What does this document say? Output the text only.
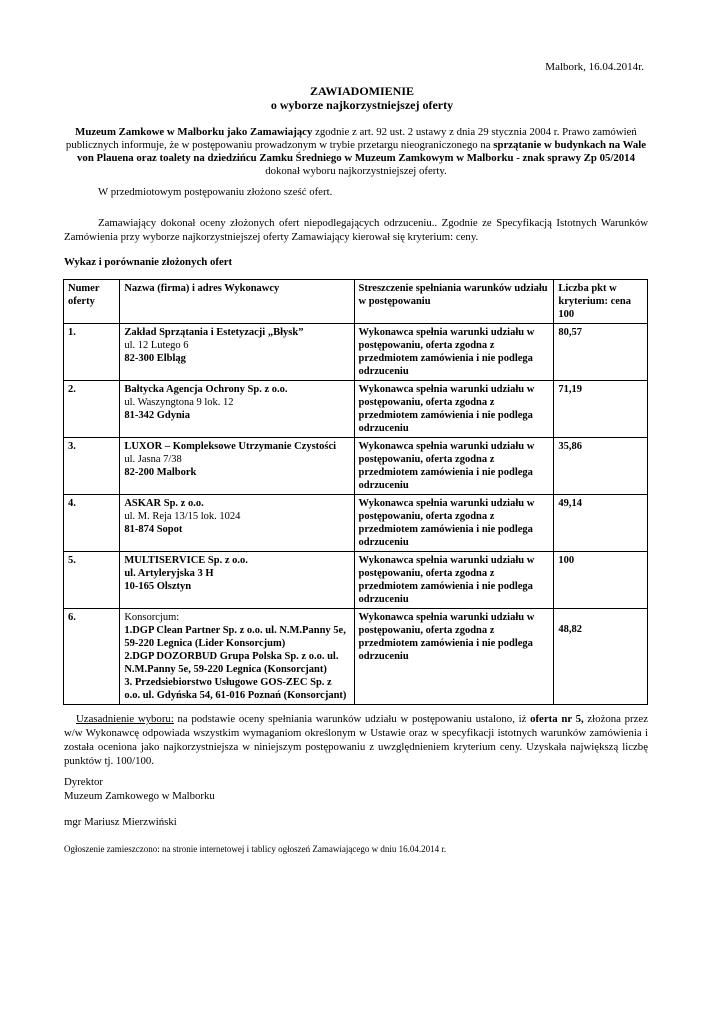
Malbork, 16.04.2014r.
ZAWIADOMIENIE
o wyborze najkorzystniejszej oferty
Muzeum Zamkowe w Malborku jako Zamawiający zgodnie z art. 92 ust. 2 ustawy z dnia 29 stycznia 2004 r. Prawo zamówień publicznych informuje, że w postępowaniu prowadzonym w trybie przetargu nieograniczonego na sprzątanie w budynkach na Wale von Plauena oraz toalety na dziedzińcu Zamku Średniego w Muzeum Zamkowym w Malborku - znak sprawy Zp 05/2014 dokonał wyboru najkorzystniejszej oferty.
W przedmiotowym postępowaniu złożono sześć ofert.
Zamawiający dokonał oceny złożonych ofert niepodlegających odrzuceniu.. Zgodnie ze Specyfikacją Istotnych Warunków Zamówienia przy wyborze najkorzystniejszej oferty Zamawiający kierował się kryterium: ceny.
Wykaz i porównanie złożonych ofert
Numer oferty	Nazwa (firma) i adres Wykonawcy	Streszczenie spełniania warunków udziału w postępowaniu	Liczba pkt w kryterium: cena 100
1.	Zakład Sprzątania i Estetyzacji „Błysk”
ul. 12 Lutego 6
82-300 Elbląg	Wykonawca spełnia warunki udziału w postępowaniu, oferta zgodna z przedmiotem zamówienia i nie podlega odrzuceniu	80,57
2.	Bałtycka Agencja Ochrony Sp. z o.o.
ul. Waszyngtona 9 lok. 12
81-342 Gdynia	Wykonawca spełnia warunki udziału w postępowaniu, oferta zgodna z przedmiotem zamówienia i nie podlega odrzuceniu	71,19
3.	LUXOR – Kompleksowe Utrzymanie Czystości
ul. Jasna 7/38
82-200 Malbork	Wykonawca spełnia warunki udziału w postępowaniu, oferta zgodna z przedmiotem zamówienia i nie podlega odrzuceniu	35,86
4.	ASKAR Sp. z o.o.
ul. M. Reja 13/15 lok. 1024
81-874 Sopot	Wykonawca spełnia warunki udziału w postępowaniu, oferta zgodna z przedmiotem zamówienia i nie podlega odrzuceniu	49,14
5.	MULTISERVICE Sp. z o.o.
ul. Artyleryjska 3 H
10-165 Olsztyn	Wykonawca spełnia warunki udziału w postępowaniu, oferta zgodna z przedmiotem zamówienia i nie podlega odrzuceniu	100
6.	Konsorcjum:
1.DGP Clean Partner Sp. z o.o. ul. N.M.Panny 5e, 59-220 Legnica (Lider Konsorcjum)
2.DGP DOZORBUD Grupa Polska Sp. z o.o. ul. N.M.Panny 5e, 59-220 Legnica (Konsorcjant)
3. Przedsiebiorstwo Usługowe GOS-ZEC Sp. z o.o. ul. Gdyńska 54, 61-016 Poznań (Konsorcjant)	Wykonawca spełnia warunki udziału w postępowaniu, oferta zgodna z przedmiotem zamówienia i nie podlega odrzuceniu	48,82
Uzasadnienie wyboru: na podstawie oceny spełniania warunków udziału w postępowaniu ustalono, iż oferta nr 5, złożona przez w/w Wykonawcę odpowiada wszystkim wymaganiom określonym w Ustawie oraz w specyfikacji istotnych warunków zamówienia i została oceniona jako najkorzystniejsza w niniejszym postępowaniu z uwzględnieniem kryterium ceny. Uzyskała największą liczbę punktów tj. 100/100.
Dyrektor
Muzeum Zamkowego w Malborku
mgr Mariusz Mierzwiński
Ogłoszenie zamieszczono: na stronie internetowej i tablicy ogłoszeń Zamawiającego w dniu 16.04.2014 r.
